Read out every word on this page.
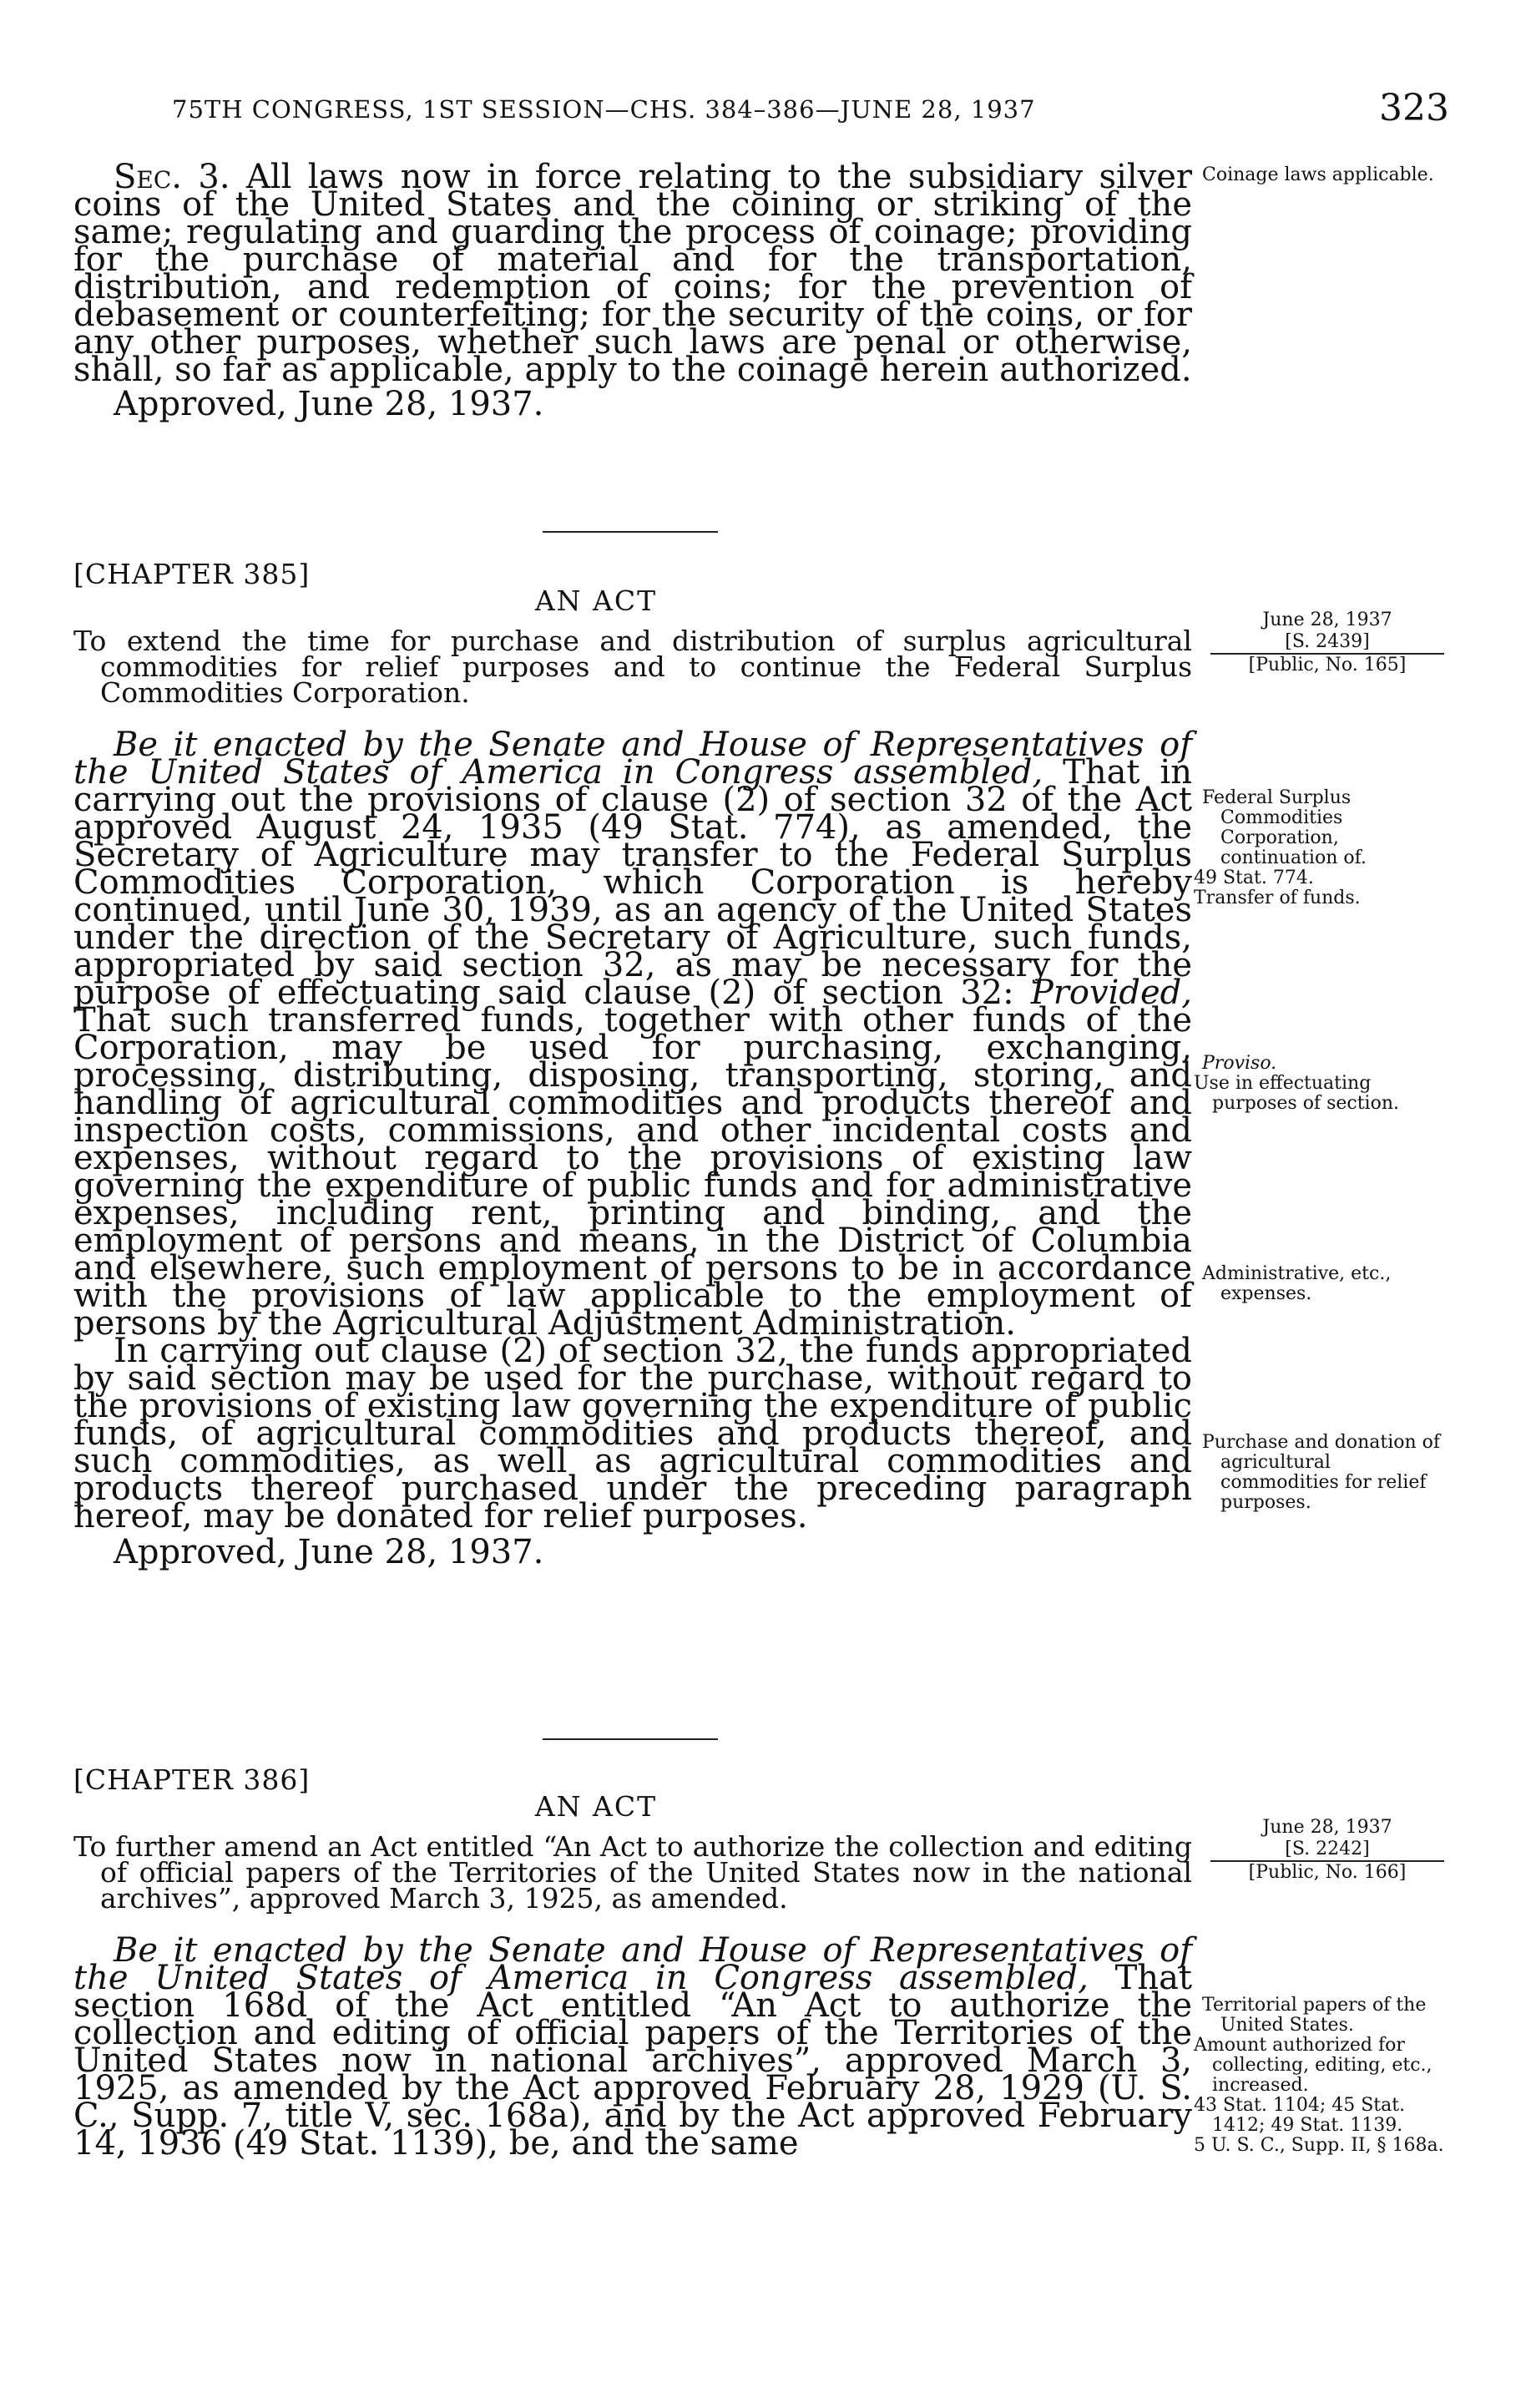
75TH CONGRESS, 1ST SESSION—CHS. 384–386—JUNE 28, 1937	323

Sec. 3. All laws now in force relating to the subsidiary silver coins of the United States and the coining or striking of the same; regulating and guarding the process of coinage; providing for the purchase of material and for the transportation, distribution, and redemption of coins; for the prevention of debasement or counterfeiting; for the security of the coins, or for any other purposes, whether such laws are penal or otherwise, shall, so far as applicable, apply to the coinage herein authorized.

Approved, June 28, 1937.

Coinage laws applicable.

[CHAPTER 385]
AN ACT

To extend the time for purchase and distribution of surplus agricultural commodities for relief purposes and to continue the Federal Surplus Commodities Corporation.

June 28, 1937
[S. 2439]
[Public, No. 165]

Be it enacted by the Senate and House of Representatives of the United States of America in Congress assembled, That in carrying out the provisions of clause (2) of section 32 of the Act approved August 24, 1935 (49 Stat. 774), as amended, the Secretary of Agriculture may transfer to the Federal Surplus Commodities Corporation, which Corporation is hereby continued, until June 30, 1939, as an agency of the United States under the direction of the Secretary of Agriculture, such funds, appropriated by said section 32, as may be necessary for the purpose of effectuating said clause (2) of section 32: Provided, That such transferred funds, together with other funds of the Corporation, may be used for purchasing, exchanging, processing, distributing, disposing, transporting, storing, and handling of agricultural commodities and products thereof and inspection costs, commissions, and other incidental costs and expenses, without regard to the provisions of existing law governing the expenditure of public funds and for administrative expenses, including rent, printing and binding, and the employment of persons and means, in the District of Columbia and elsewhere, such employment of persons to be in accordance with the provisions of law applicable to the employment of persons by the Agricultural Adjustment Administration.

In carrying out clause (2) of section 32, the funds appropriated by said section may be used for the purchase, without regard to the provisions of existing law governing the expenditure of public funds, of agricultural commodities and products thereof, and such commodities, as well as agricultural commodities and products thereof purchased under the preceding paragraph hereof, may be donated for relief purposes.

Approved, June 28, 1937.

Federal Surplus Commodities Corporation, continuation of.

49 Stat. 774.

Transfer of funds.

Proviso.

Use in effectuating purposes of section.

Administrative, etc., expenses.

Purchase and donation of agricultural commodities for relief purposes.

[CHAPTER 386]
AN ACT

To further amend an Act entitled “An Act to authorize the collection and editing of official papers of the Territories of the United States now in the national archives”, approved March 3, 1925, as amended.

June 28, 1937
[S. 2242]
[Public, No. 166]

Be it enacted by the Senate and House of Representatives of the United States of America in Congress assembled, That section 168d of the Act entitled “An Act to authorize the collection and editing of official papers of the Territories of the United States now in national archives”, approved March 3, 1925, as amended by the Act approved February 28, 1929 (U. S. C., Supp. 7, title V, sec. 168a), and by the Act approved February 14, 1936 (49 Stat. 1139), be, and the same

Territorial papers of the United States.

Amount authorized for collecting, editing, etc., increased.

43 Stat. 1104; 45 Stat. 1412; 49 Stat. 1139.

5 U. S. C., Supp. II, § 168a.
